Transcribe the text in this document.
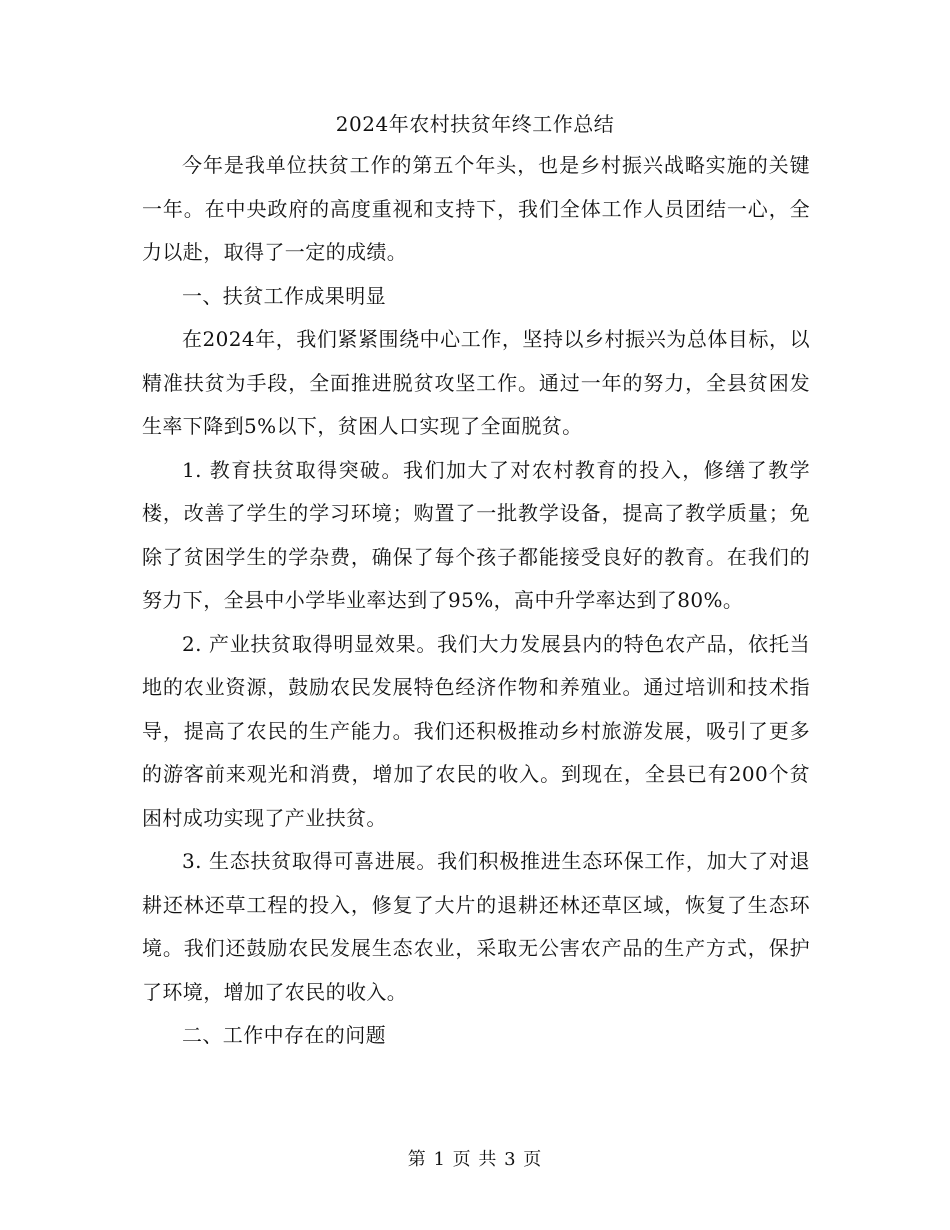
2024年农村扶贫年终工作总结

今年是我单位扶贫工作的第五个年头，也是乡村振兴战略实施的关键一年。在中央政府的高度重视和支持下，我们全体工作人员团结一心，全力以赴，取得了一定的成绩。

一、扶贫工作成果明显

在2024年，我们紧紧围绕中心工作，坚持以乡村振兴为总体目标，以精准扶贫为手段，全面推进脱贫攻坚工作。通过一年的努力，全县贫困发生率下降到5%以下，贫困人口实现了全面脱贫。

1. 教育扶贫取得突破。我们加大了对农村教育的投入，修缮了教学楼，改善了学生的学习环境；购置了一批教学设备，提高了教学质量；免除了贫困学生的学杂费，确保了每个孩子都能接受良好的教育。在我们的努力下，全县中小学毕业率达到了95%，高中升学率达到了80%。

2. 产业扶贫取得明显效果。我们大力发展县内的特色农产品，依托当地的农业资源，鼓励农民发展特色经济作物和养殖业。通过培训和技术指导，提高了农民的生产能力。我们还积极推动乡村旅游发展，吸引了更多的游客前来观光和消费，增加了农民的收入。到现在，全县已有200个贫困村成功实现了产业扶贫。

3. 生态扶贫取得可喜进展。我们积极推进生态环保工作，加大了对退耕还林还草工程的投入，修复了大片的退耕还林还草区域，恢复了生态环境。我们还鼓励农民发展生态农业，采取无公害农产品的生产方式，保护了环境，增加了农民的收入。

二、工作中存在的问题

第 1 页 共 3 页
